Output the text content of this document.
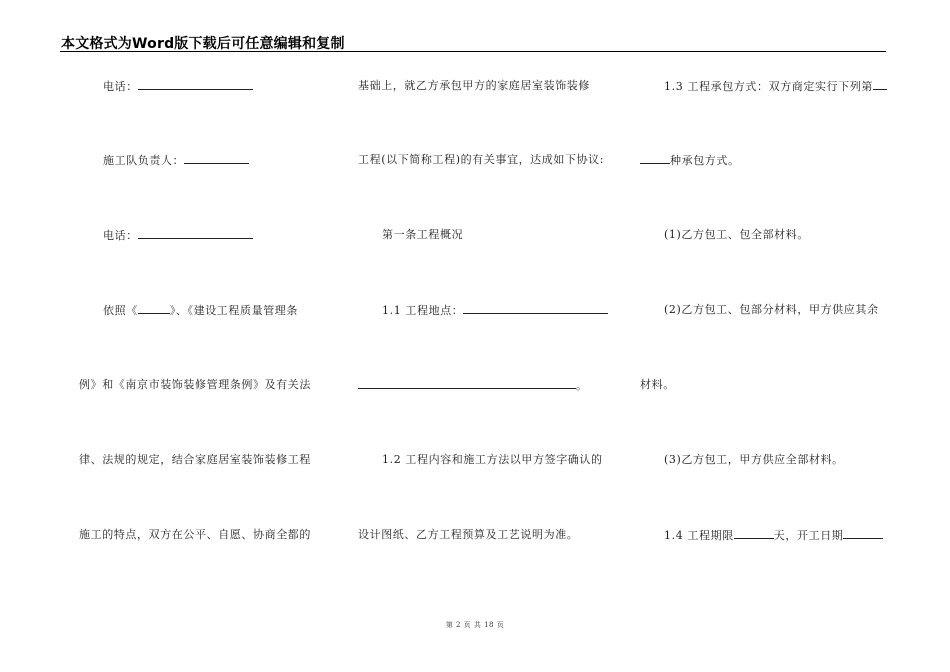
本文格式为Word版下载后可任意编辑和复制
电话：
施工队负责人：
电话：
依照《	》、《建设工程质量管理条
例》和《南京市装饰装修管理条例》及有关法
律、法规的规定，结合家庭居室装饰装修工程
施工的特点，双方在公平、自愿、协商全都的
基础上，就乙方承包甲方的家庭居室装饰装修
工程(以下简称工程)的有关事宜，达成如下协议:
第一条工程概况
1.1 工程地点：
。
1.2 工程内容和施工方法以甲方签字确认的
设计图纸、乙方工程预算及工艺说明为准。
1.3 工程承包方式：双方商定实行下列第
种承包方式。
(1)乙方包工、包全部材料。
(2)乙方包工、包部分材料，甲方供应其余
材料。
(3)乙方包工，甲方供应全部材料。
1.4 工程期限	天，开工日期
第 2 页 共 18 页
